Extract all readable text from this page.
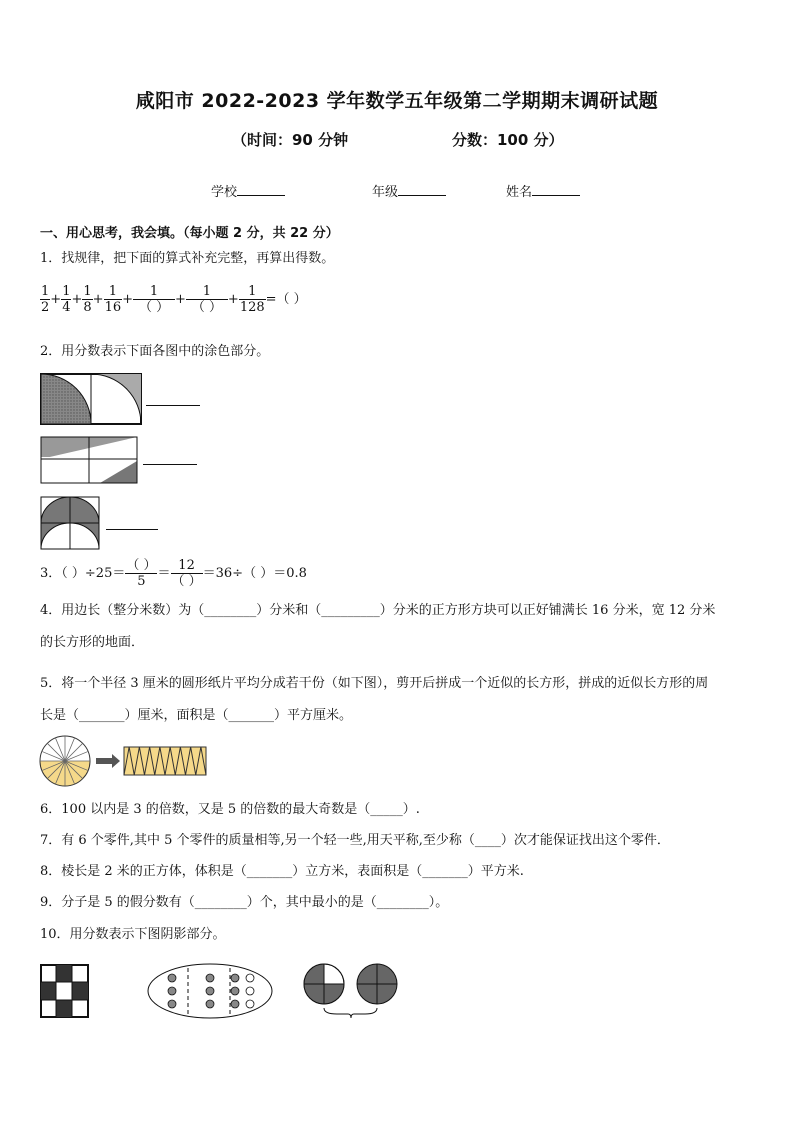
咸阳市 2022-2023 学年数学五年级第二学期期末调研试题
（时间：90 分钟	分数：100 分）
学校	年级	姓名
一、用心思考，我会填。（每小题 2 分，共 22 分）
1．找规律，把下面的算式补充完整，再算出得数。
$\frac{1}{2} + \frac{1}{4} + \frac{1}{8} + \frac{1}{16} + \frac{1}{( )} + \frac{1}{( )} + \frac{1}{128}$ =（ ）
2．用分数表示下面各图中的涂色部分。
3．（ ）$\div 25= \frac{( )}{5} = \frac{12}{( )} =36\div$（ ）＝0.8
4．用边长（整分米数）为（________）分米和（_________）分米的正方形方块可以正好铺满长 16 分米，宽 12 分米
的长方形的地面．
5．将一个半径 3 厘米的圆形纸片平均分成若干份（如下图），剪开后拼成一个近似的长方形，拼成的近似长方形的周
长是（_______）厘米，面积是（_______）平方厘米。
6．100 以内是 3 的倍数，又是 5 的倍数的最大奇数是（_____）.
7．有 6 个零件,其中 5 个零件的质量相等,另一个轻一些,用天平称,至少称（____）次才能保证找出这个零件．
8．棱长是 2 米的正方体，体积是（_______）立方米，表面积是（_______）平方米.
9．分子是 5 的假分数有（________）个，其中最小的是（________）。
10．用分数表示下图阴影部分。
